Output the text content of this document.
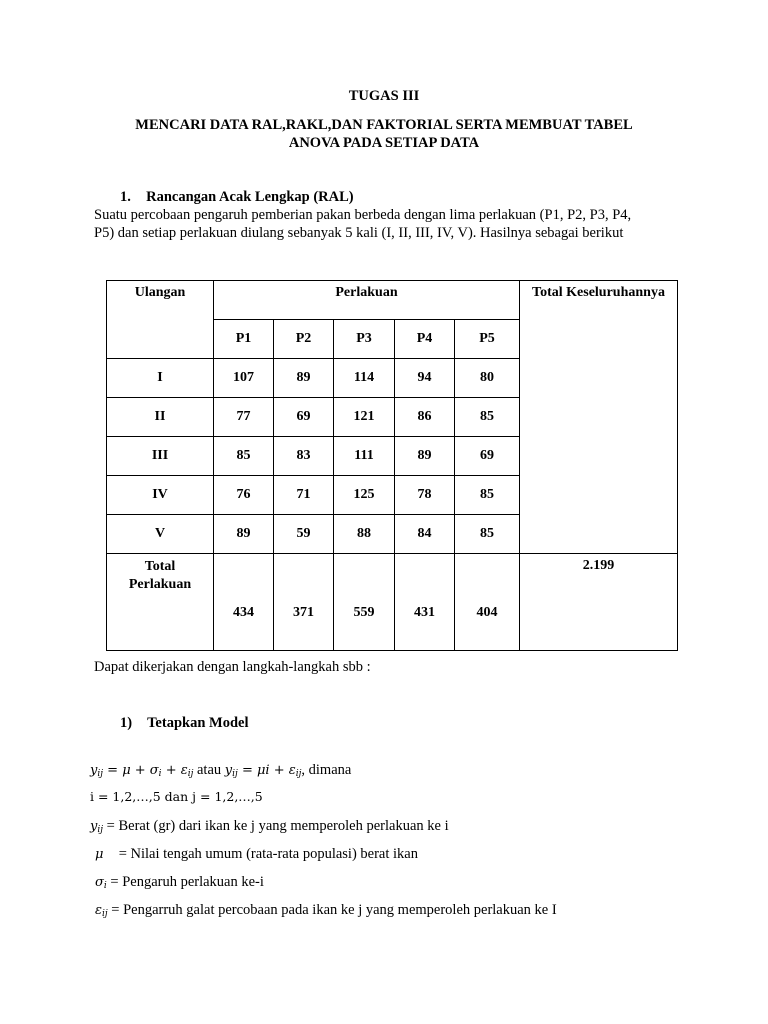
TUGAS III
MENCARI DATA RAL,RAKL,DAN FAKTORIAL SERTA MEMBUAT TABEL
ANOVA PADA SETIAP DATA
1. Rancangan Acak Lengkap (RAL)
Suatu percobaan pengaruh pemberian pakan berbeda dengan lima perlakuan (P1, P2, P3, P4,
P5) dan setiap perlakuan diulang sebanyak 5 kali (I, II, III, IV, V). Hasilnya sebagai berikut
Ulangan	Perlakuan					Total Keseluruhannya
	P1	P2	P3	P4	P5	
I	107	89	114	94	80	
II	77	69	121	86	85	
III	85	83	111	89	69	
IV	76	71	125	78	85	
V	89	59	88	84	85	

Total
Perlakuan	434	371	559	431	404	2.199
Dapat dikerjakan dengan langkah-langkah sbb :
1) Tetapkan Model
$y_{ij} = \mu + \sigma_i + \varepsilon_{ij}$ atau $y_{ij} = \mu i + \varepsilon_{ij}$, dimana
i = 1,2,…,5 dan j = 1,2,…,5
$y_{ij}$ = Berat (gr) dari ikan ke j yang memperoleh perlakuan ke i
μ = Nilai tengah umum (rata-rata populasi) berat ikan
$\sigma_i$ = Pengaruh perlakuan ke-i
$\varepsilon_{ij}$ = Pengarruh galat percobaan pada ikan ke j yang memperoleh perlakuan ke I
